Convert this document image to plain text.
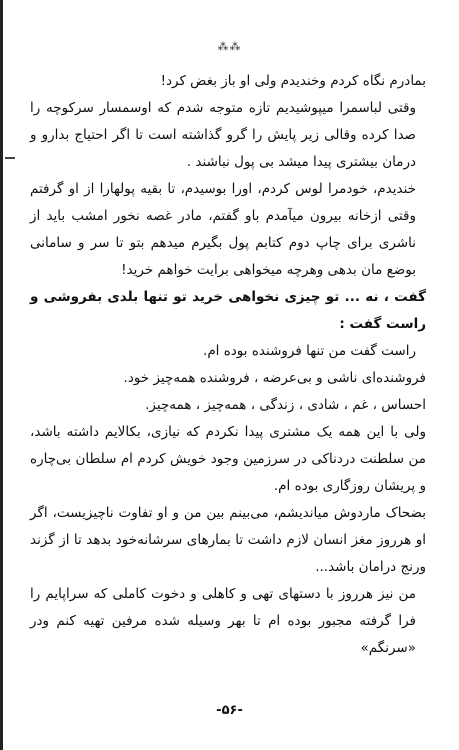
⁂⁂

بمادرم نگاه کردم وخندیدم ولی او باز بغض کرد!

وقتی لباسمرا میپوشیدیم تازه متوجه شدم که اوسمسار سرکوچه را صدا کرده وقالی زیر پایش را گرو گذاشته است تا اگر احتیاج بدارو و درمان بیشتری پیدا میشد بی پول نباشند .

خندیدم، خودمرا لوس کردم، اورا بوسیدم، تا بقیه پولهارا از او گرفتم وقتی ازخانه بیرون میآمدم باو گفتم، مادر غصه نخور امشب باید از ناشری برای چاپ دوم کتابم پول بگیرم میدهم بتو تا سر و سامانی بوضع مان بدهی وهرچه میخواهی برایت خواهم خرید!

گفت ، نه ... تو چیزی نخواهی خرید تو تنها بلدی بفروشی و راست گفت :

راست گفت من تنها فروشنده بوده ام.

فروشنده‌ای ناشی و بی‌عرضه ، فروشنده همه‌چیز خود.

احساس ، غم ، شادی ، زندگی ، همه‌چیز ، همه‌چیز.

ولی با این همه یک مشتری پیدا نکردم که نیازی، بکالایم داشته باشد، من سلطنت دردناکی در سرزمین وجود خویش کردم ام سلطان بی‌چاره و پریشان روزگاری بوده ام.

بضحاک ماردوش میاندیشم، می‌بینم بین من و او تفاوت ناچیزیست، اگر او هرروز مغز انسان لازم داشت تا بمارهای سرشانه‌خود بدهد تا از گزند ورنج درامان باشد...

من نیز هرروز با دستهای تهی و کاهلی و دخوت کاملی که سراپایم را فرا گرفته مجبور بوده ام تا بهر وسیله شده مرفین تهیه کنم ودر «سرنگم»

-۵۶-
